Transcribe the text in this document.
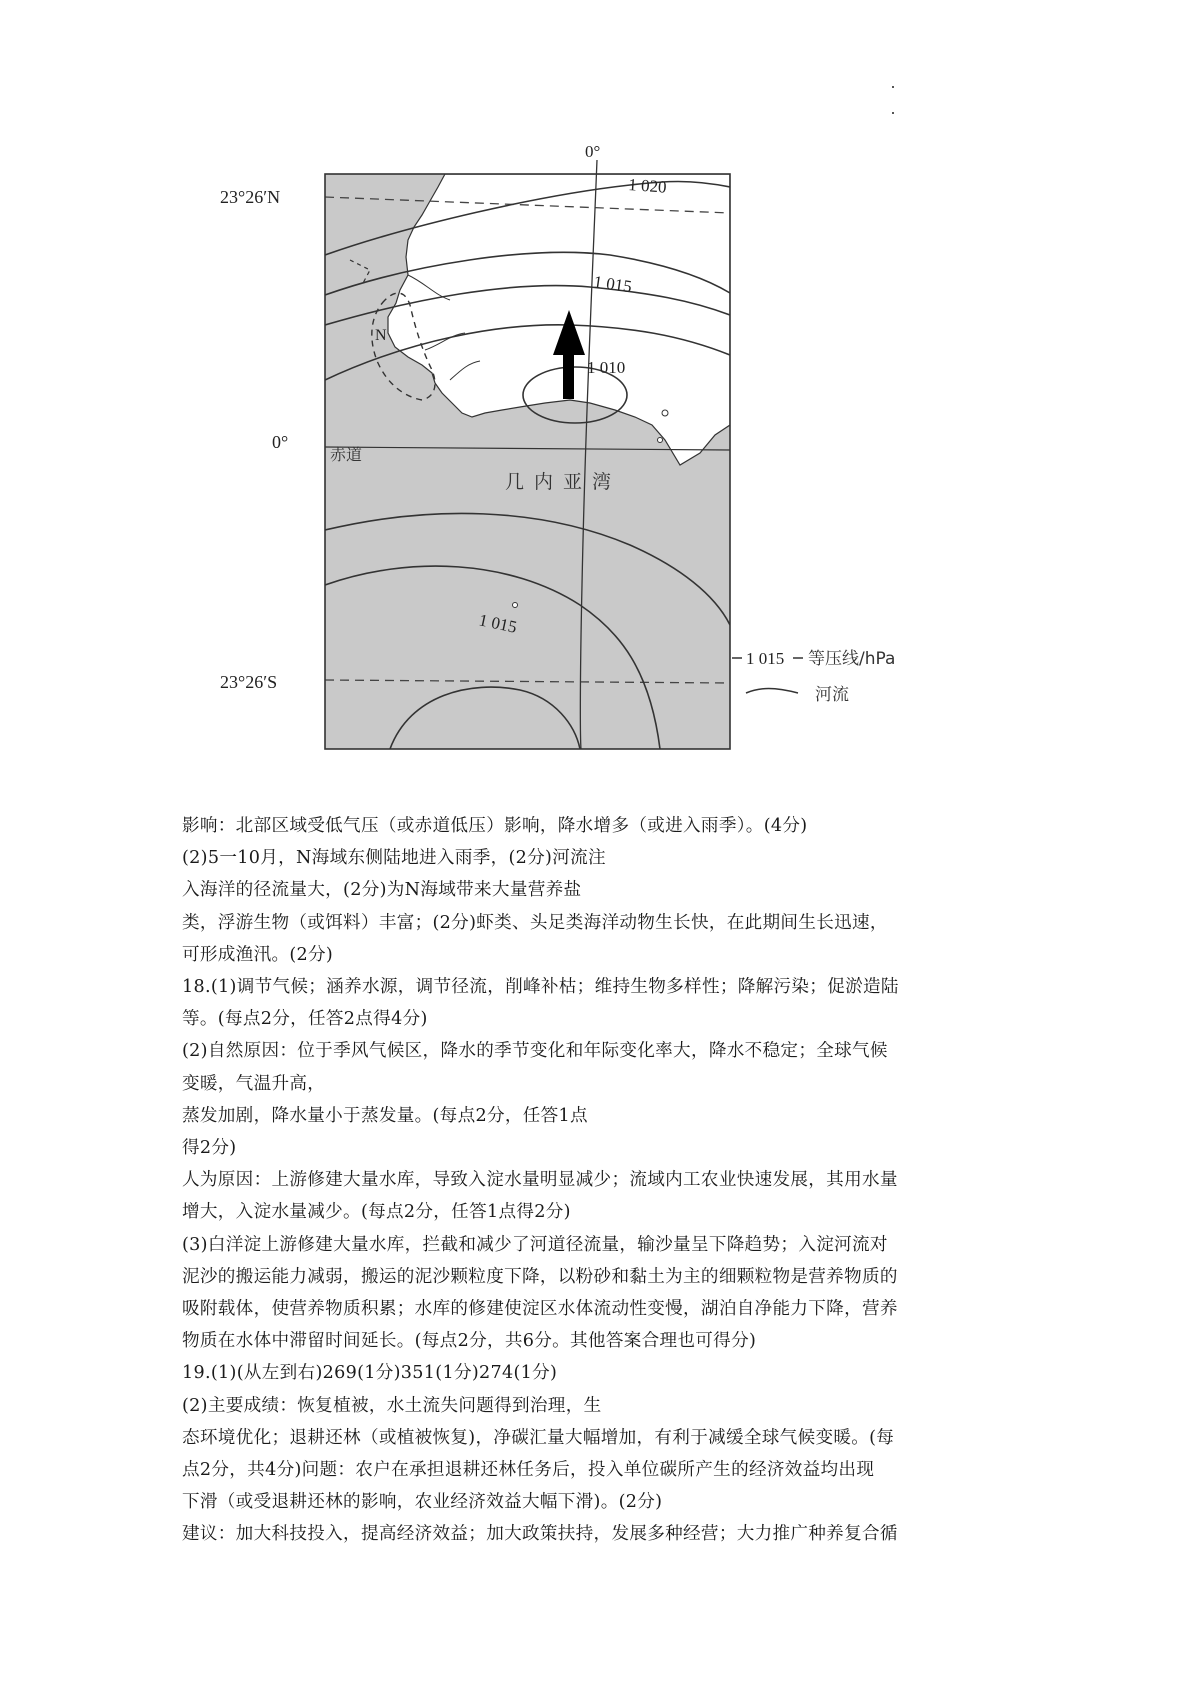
0°
23°26′N
0°
23°26′S
赤道
几内亚湾
N
1 020
1 015
1 010
1 015
1 015 等压线/hPa
河流

影响：北部区域受低气压（或赤道低压）影响，降水增多（或进入雨季）。(4分)

(2)5一10月，N海域东侧陆地进入雨季，(2分)河流注

入海洋的径流量大，(2分)为N海域带来大量营养盐

类，浮游生物（或饵料）丰富；(2分)虾类、头足类海洋动物生长快，在此期间生长迅速，

可形成渔汛。(2分)

18.(1)调节气候；涵养水源，调节径流，削峰补枯；维持生物多样性；降解污染；促淤造陆

等。(每点2分，任答2点得4分)

(2)自然原因：位于季风气候区，降水的季节变化和年际变化率大，降水不稳定；全球气候

变暖，气温升高，

蒸发加剧，降水量小于蒸发量。(每点2分，任答1点

得2分)

人为原因：上游修建大量水库，导致入淀水量明显减少；流域内工农业快速发展，其用水量

增大，入淀水量减少。(每点2分，任答1点得2分)

(3)白洋淀上游修建大量水库，拦截和减少了河道径流量，输沙量呈下降趋势；入淀河流对

泥沙的搬运能力减弱，搬运的泥沙颗粒度下降，以粉砂和黏土为主的细颗粒物是营养物质的

吸附载体，使营养物质积累；水库的修建使淀区水体流动性变慢，湖泊自净能力下降，营养

物质在水体中滞留时间延长。(每点2分，共6分。其他答案合理也可得分)

19.(1)(从左到右)269(1分)351(1分)274(1分)

(2)主要成绩：恢复植被，水土流失问题得到治理，生

态环境优化；退耕还林（或植被恢复)，净碳汇量大幅增加，有利于减缓全球气候变暖。(每

点2分，共4分)问题：农户在承担退耕还林任务后，投入单位碳所产生的经济效益均出现

下滑（或受退耕还林的影响，农业经济效益大幅下滑)。(2分)

建议：加大科技投入，提高经济效益；加大政策扶持，发展多种经营；大力推广种养复合循
